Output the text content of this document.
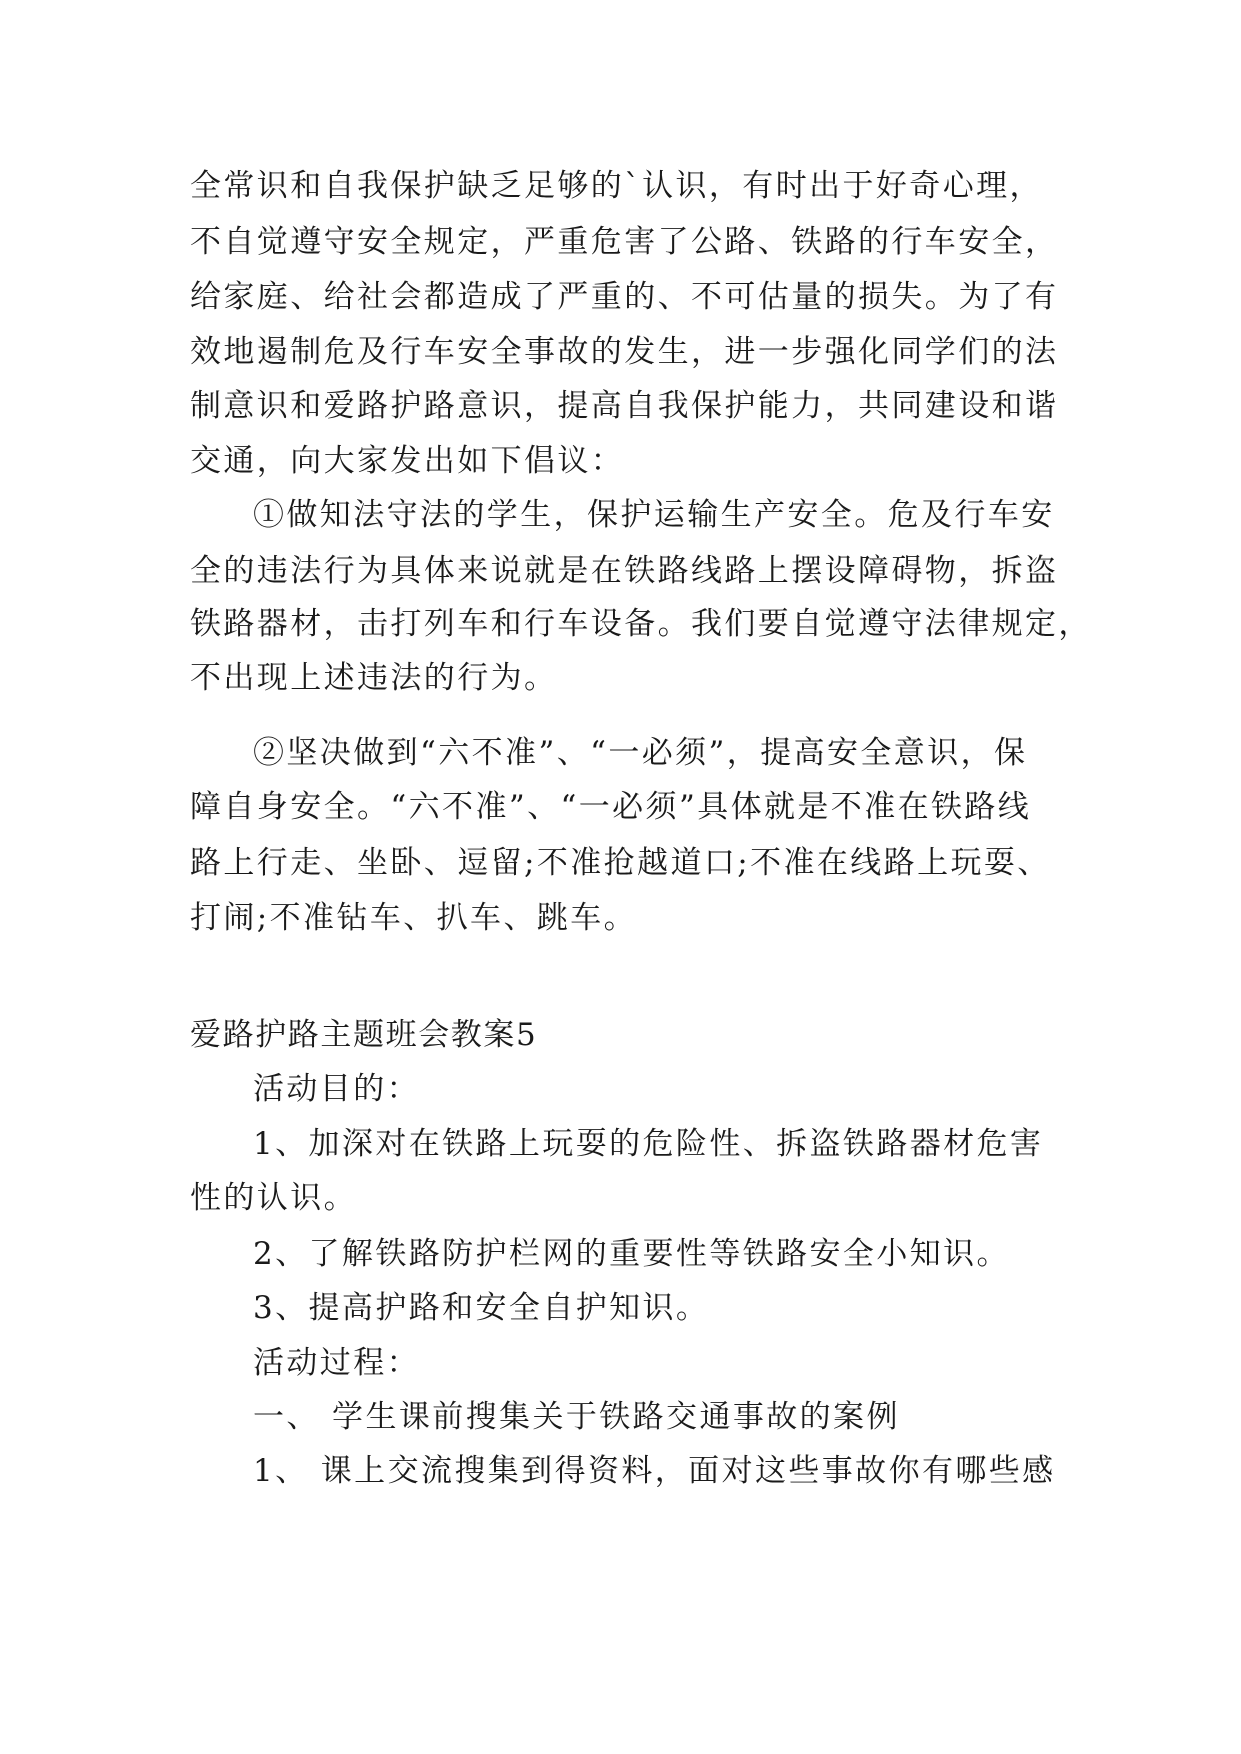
全常识和自我保护缺乏足够的`认识，有时出于好奇心理，
不自觉遵守安全规定，严重危害了公路、铁路的行车安全，
给家庭、给社会都造成了严重的、不可估量的损失。为了有
效地遏制危及行车安全事故的发生，进一步强化同学们的法
制意识和爱路护路意识，提高自我保护能力，共同建设和谐
交通，向大家发出如下倡议：
①做知法守法的学生，保护运输生产安全。危及行车安
全的违法行为具体来说就是在铁路线路上摆设障碍物，拆盗
铁路器材，击打列车和行车设备。我们要自觉遵守法律规定，
不出现上述违法的行为。
②坚决做到“六不准”、“一必须”，提高安全意识，保
障自身安全。“六不准”、“一必须”具体就是不准在铁路线
路上行走、坐卧、逗留;不准抢越道口;不准在线路上玩耍、
打闹;不准钻车、扒车、跳车。
爱路护路主题班会教案5
活动目的：
1、加深对在铁路上玩耍的危险性、拆盗铁路器材危害
性的认识。
2、了解铁路防护栏网的重要性等铁路安全小知识。
3、提高护路和安全自护知识。
活动过程：
一、 学生课前搜集关于铁路交通事故的案例
1、 课上交流搜集到得资料，面对这些事故你有哪些感
